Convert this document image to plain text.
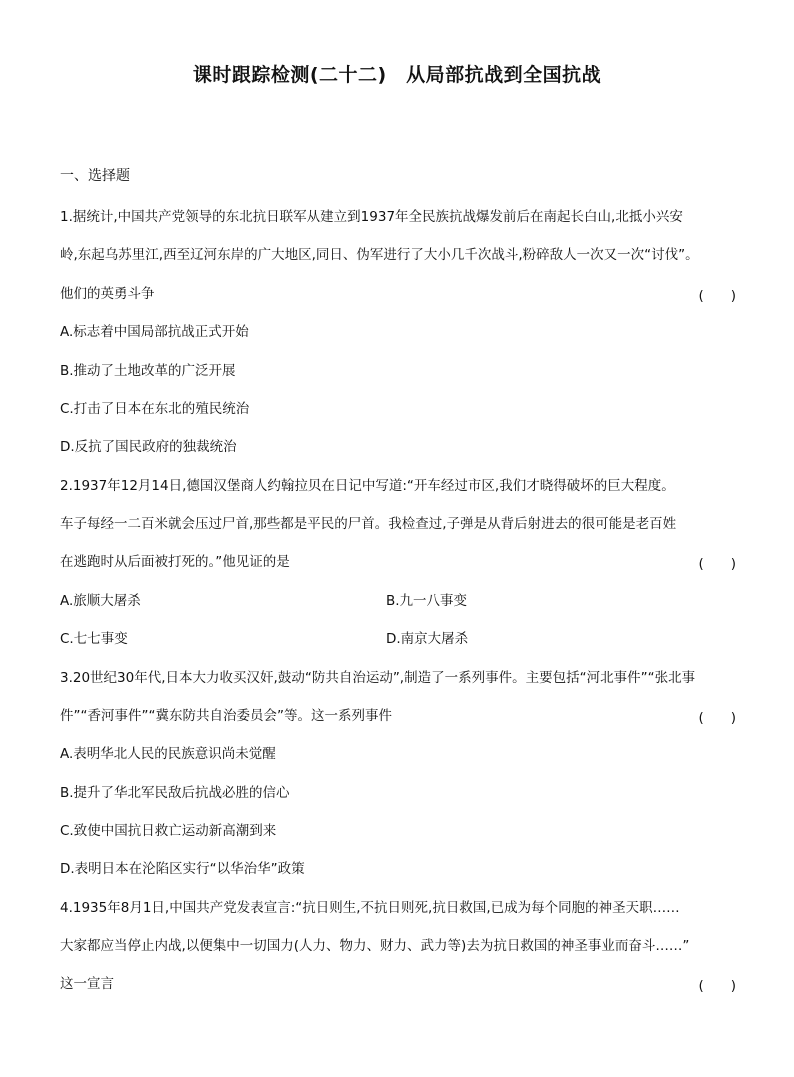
课时跟踪检测(二十二)　从局部抗战到全国抗战
一、选择题
1.据统计,中国共产党领导的东北抗日联军从建立到1937年全民族抗战爆发前后在南起长白山,北抵小兴安
岭,东起乌苏里江,西至辽河东岸的广大地区,同日、伪军进行了大小几千次战斗,粉碎敌人一次又一次“讨伐”。
他们的英勇斗争	(　　)
A.标志着中国局部抗战正式开始
B.推动了土地改革的广泛开展
C.打击了日本在东北的殖民统治
D.反抗了国民政府的独裁统治
2.1937年12月14日,德国汉堡商人约翰拉贝在日记中写道:“开车经过市区,我们才晓得破坏的巨大程度。
车子每经一二百米就会压过尸首,那些都是平民的尸首。我检查过,子弹是从背后射进去的很可能是老百姓
在逃跑时从后面被打死的。”他见证的是	(　　)
A.旅顺大屠杀	B.九一八事变
C.七七事变	D.南京大屠杀
3.20世纪30年代,日本大力收买汉奸,鼓动“防共自治运动”,制造了一系列事件。主要包括“河北事件”“张北事
件”“香河事件”“冀东防共自治委员会”等。这一系列事件	(　　)
A.表明华北人民的民族意识尚未觉醒
B.提升了华北军民敌后抗战必胜的信心
C.致使中国抗日救亡运动新高潮到来
D.表明日本在沦陷区实行“以华治华”政策
4.1935年8月1日,中国共产党发表宣言:“抗日则生,不抗日则死,抗日救国,已成为每个同胞的神圣天职……
大家都应当停止内战,以便集中一切国力(人力、物力、财力、武力等)去为抗日救国的神圣事业而奋斗……”
这一宣言	(　　)
